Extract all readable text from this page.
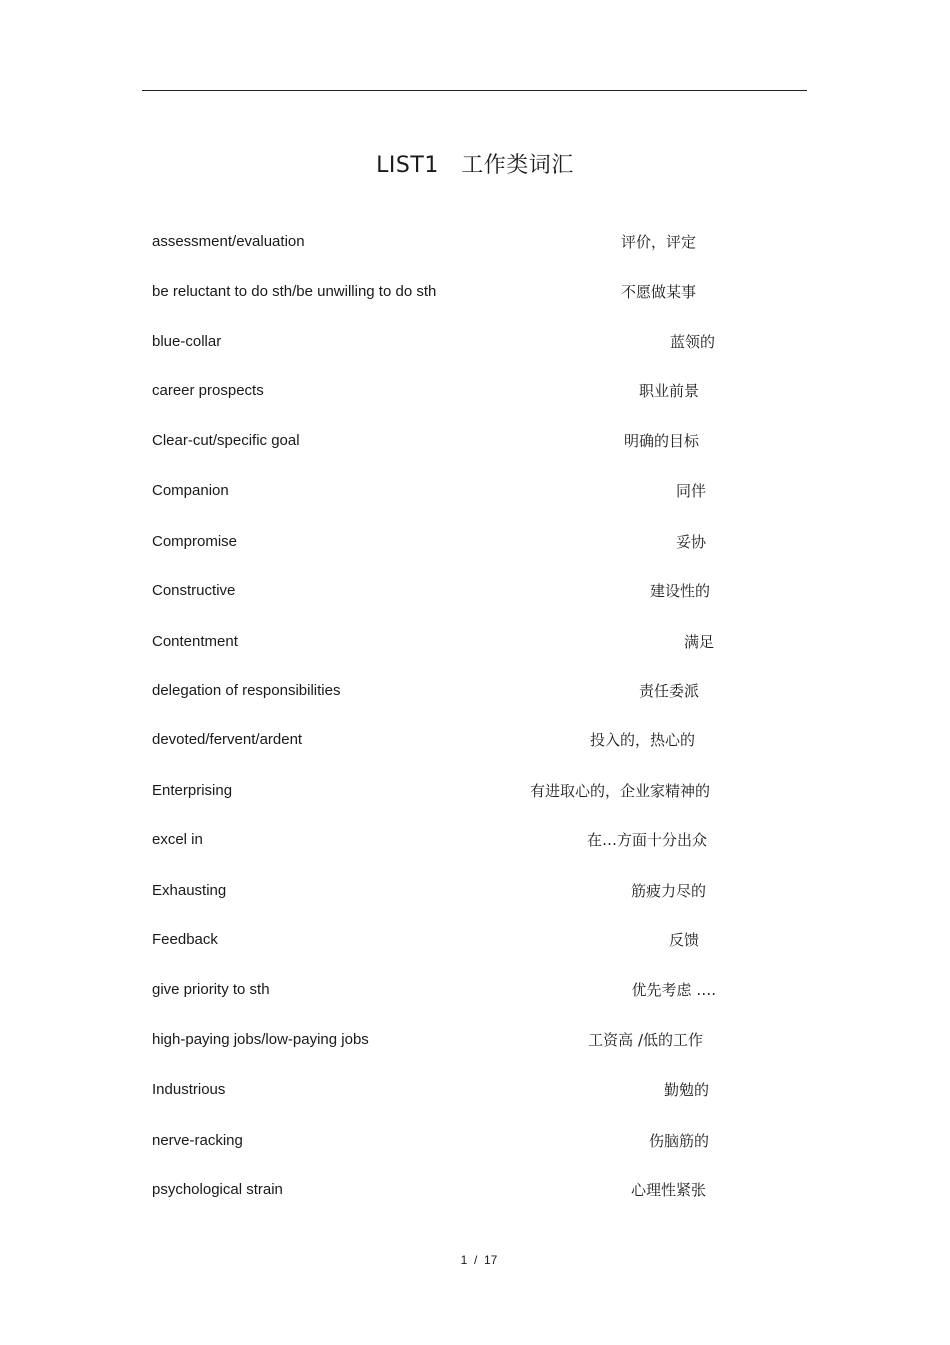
LIST1   工作类词汇
assessment/evaluation	评价，评定
be reluctant to do sth/be unwilling to do sth	不愿做某事
blue-collar	蓝领的
career prospects	职业前景
Clear-cut/specific goal	明确的目标
Companion	同伴
Compromise	妥协
Constructive	建设性的
Contentment	满足
delegation of responsibilities	责任委派
devoted/fervent/ardent	投入的，热心的
Enterprising	有进取心的，企业家精神的
excel in	在…方面十分出众
Exhausting	筋疲力尽的
Feedback	反馈
give priority to sth	优先考虑 ….​
high-paying jobs/low-paying jobs	工资高 /低的工作
Industrious	勤勉的
nerve-racking	伤脑筋的
psychological strain	心理性紧张
1  /  17
